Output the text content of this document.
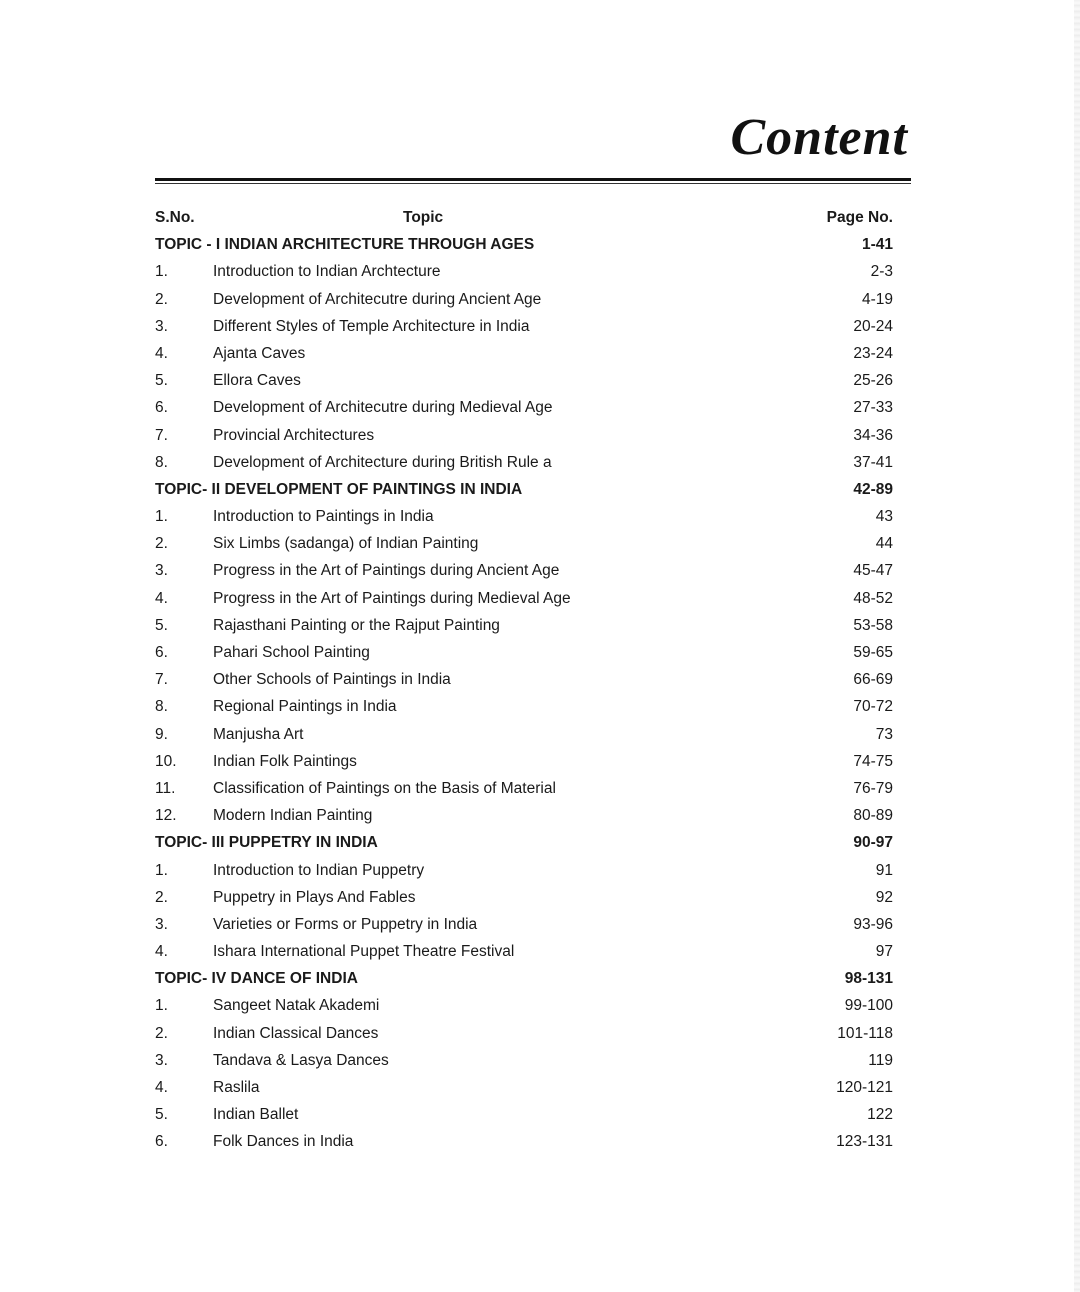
Content
S.No.	Topic	Page No.
TOPIC - I INDIAN ARCHITECTURE THROUGH AGES	1-41
1.	Introduction to Indian Archtecture	2-3
2.	Development of Architecutre during Ancient Age	4-19
3.	Different Styles of Temple Architecture in India	20-24
4.	Ajanta Caves	23-24
5.	Ellora Caves	25-26
6.	Development of Architecutre during Medieval Age	27-33
7.	Provincial Architectures	34-36
8.	Development of Architecture during British Rule a	37-41
TOPIC- II DEVELOPMENT OF PAINTINGS IN INDIA	42-89
1.	Introduction to Paintings in India	43
2.	Six Limbs (sadanga) of Indian Painting	44
3.	Progress in the Art of Paintings during Ancient Age	45-47
4.	Progress in the Art of Paintings during Medieval Age	48-52
5.	Rajasthani Painting or the Rajput Painting	53-58
6.	Pahari School Painting	59-65
7.	Other Schools of Paintings in India	66-69
8.	Regional Paintings in India	70-72
9.	Manjusha Art	73
10. Indian Folk Paintings	74-75
11. Classification of Paintings on the Basis of Material	76-79
12. Modern Indian Painting	80-89
TOPIC- III PUPPETRY IN INDIA	90-97
1.	Introduction to Indian Puppetry	91
2.	Puppetry in Plays And Fables	92
3.	Varieties or Forms or Puppetry in India	93-96
4.	Ishara International Puppet Theatre Festival	97
TOPIC- IV DANCE OF INDIA	98-131
1.	Sangeet Natak Akademi	99-100
2.	Indian Classical Dances	101-118
3.	Tandava & Lasya Dances	119
4.	Raslila	120-121
5.	Indian Ballet	122
6.	Folk Dances in India	123-131
